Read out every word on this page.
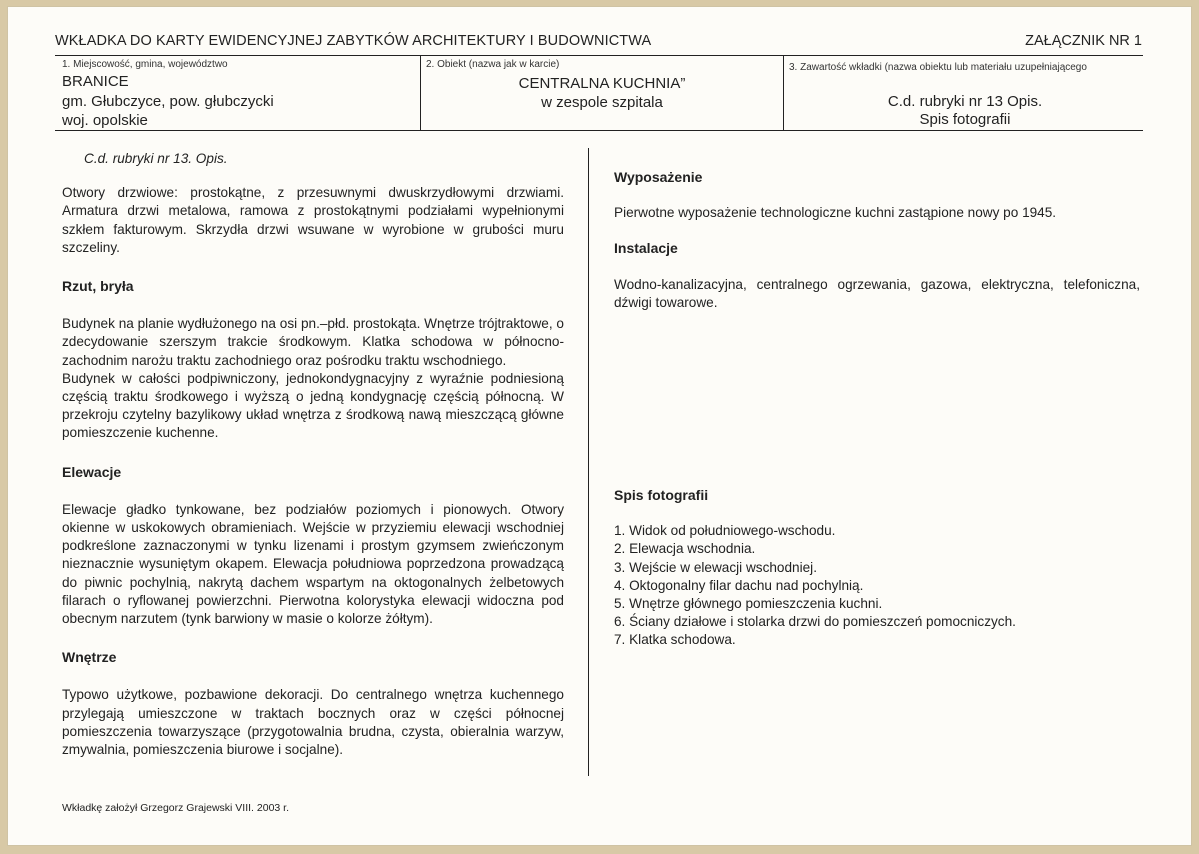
WKŁADKA DO KARTY EWIDENCYJNEJ ZABYTKÓW ARCHITEKTURY I BUDOWNICTWA	ZAŁĄCZNIK NR 1
1. Miejscowość, gmina, województwo
BRANICE
gm. Głubczyce, pow. głubczycki
woj. opolskie
2. Obiekt (nazwa jak w karcie)
CENTRALNA KUCHNIA”
w zespole szpitala
3. Zawartość wkładki (nazwa obiektu lub materiału uzupełniającego
C.d. rubryki nr 13 Opis.
Spis fotografii

C.d. rubryki nr 13. Opis.

Otwory drzwiowe: prostokątne, z przesuwnymi dwuskrzydłowymi drzwiami. Armatura drzwi metalowa, ramowa z prostokątnymi podziałami wypełnionymi szkłem fakturowym. Skrzydła drzwi wsuwane w wyrobione w grubości muru szczeliny.

Rzut, bryła

Budynek na planie wydłużonego na osi pn.–płd. prostokąta. Wnętrze trójtraktowe, o zdecydowanie szerszym trakcie środkowym. Klatka schodowa w północno-zachodnim narożu traktu zachodniego oraz pośrodku traktu wschodniego.

Budynek w całości podpiwniczony, jednokondygnacyjny z wyraźnie podniesioną częścią traktu środkowego i wyższą o jedną kondygnację częścią północną. W przekroju czytelny bazylikowy układ wnętrza z środkową nawą mieszczącą główne pomieszczenie kuchenne.

Elewacje

Elewacje gładko tynkowane, bez podziałów poziomych i pionowych. Otwory okienne w uskokowych obramieniach. Wejście w przyziemiu elewacji wschodniej podkreślone zaznaczonymi w tynku lizenami i prostym gzymsem zwieńczonym nieznacznie wysuniętym okapem. Elewacja południowa poprzedzona prowadzącą do piwnic pochylnią, nakrytą dachem wspartym na oktogonalnych żelbetowych filarach o ryflowanej powierzchni. Pierwotna kolorystyka elewacji widoczna pod obecnym narzutem (tynk barwiony w masie o kolorze żółtym).

Wnętrze

Typowo użytkowe, pozbawione dekoracji. Do centralnego wnętrza kuchennego przylegają umieszczone w traktach bocznych oraz w części północnej pomieszczenia towarzyszące (przygotowalnia brudna, czysta, obieralnia warzyw, zmywalnia, pomieszczenia biurowe i socjalne).

Wyposażenie

Pierwotne wyposażenie technologiczne kuchni zastąpione nowy po 1945.

Instalacje

Wodno-kanalizacyjna, centralnego ogrzewania, gazowa, elektryczna, telefoniczna, dźwigi towarowe.

Spis fotografii

1. Widok od południowego-wschodu.
2. Elewacja wschodnia.
3. Wejście w elewacji wschodniej.
4. Oktogonalny filar dachu nad pochylnią.
5. Wnętrze głównego pomieszczenia kuchni.
6. Ściany działowe i stolarka drzwi do pomieszczeń pomocniczych.
7. Klatka schodowa.
Wkładkę założył Grzegorz Grajewski VIII. 2003 r.
